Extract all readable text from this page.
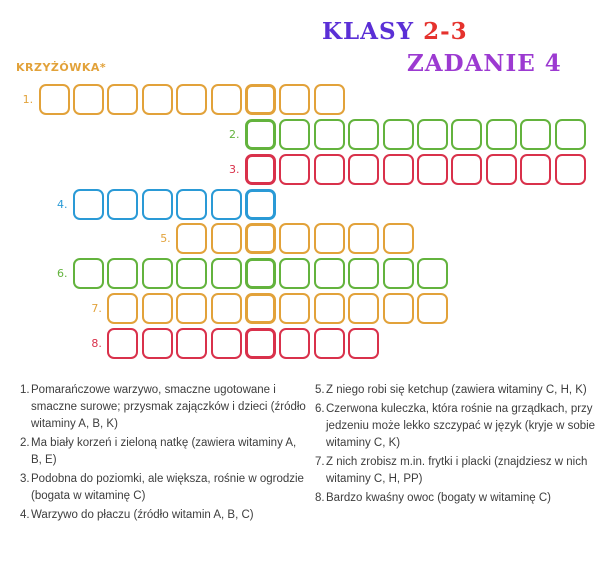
KLASY 2-3
ZADANIE 4
KRZYŻÓWKA*
1.
2.
3.
4.
5.
6.
7.
8.
1. Pomarańczowe warzywo, smaczne ugotowane i smaczne surowe; przysmak zajączków i dzieci (źródło witaminy A, B, K)
2. Ma biały korzeń i zieloną natkę (zawiera witaminy A, B, E)
3. Podobna do poziomki, ale większa, rośnie w ogrodzie (bogata w witaminę C)
4. Warzywo do płaczu (źródło witamin A, B, C)
5. Z niego robi się ketchup (zawiera witaminy C, H, K)
6. Czerwona kuleczka, która rośnie na grządkach, przy jedzeniu może lekko szczypać w język (kryje w sobie witaminy C, K)
7. Z nich zrobisz m.in. frytki i placki (znajdziesz w nich witaminy C, H, PP)
8. Bardzo kwaśny owoc (bogaty w witaminę C)
